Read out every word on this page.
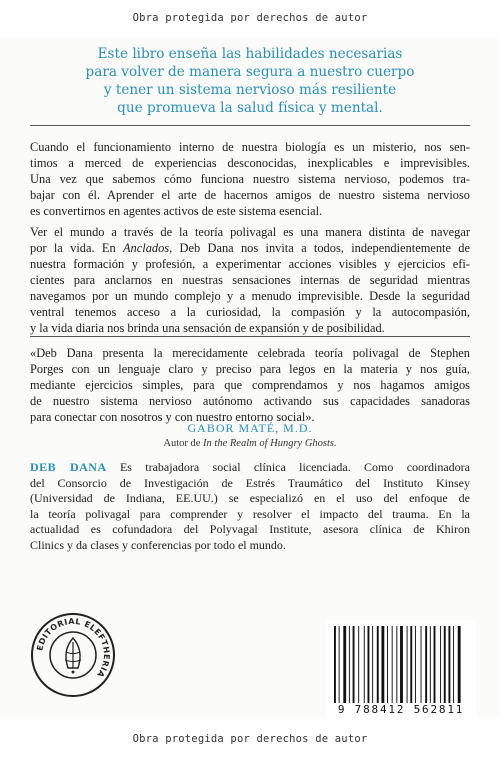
Obra protegida por derechos de autor
Este libro enseña las habilidades necesarias
para volver de manera segura a nuestro cuerpo
y tener un sistema nervioso más resiliente
que promueva la salud física y mental.
Cuando el funcionamiento interno de nuestra biología es un misterio, nos sen-
timos a merced de experiencias desconocidas, inexplicables e imprevisibles.
Una vez que sabemos cómo funciona nuestro sistema nervioso, podemos tra-
bajar con él. Aprender el arte de hacernos amigos de nuestro sistema nervioso
es convertirnos en agentes activos de este sistema esencial.
Ver el mundo a través de la teoría polivagal es una manera distinta de navegar
por la vida. En Anclados, Deb Dana nos invita a todos, independientemente de
nuestra formación y profesión, a experimentar acciones visibles y ejercicios efi-
cientes para anclarnos en nuestras sensaciones internas de seguridad mientras
navegamos por un mundo complejo y a menudo imprevisible. Desde la seguridad
ventral tenemos acceso a la curiosidad, la compasión y la autocompasión,
y la vida diaria nos brinda una sensación de expansión y de posibilidad.
«Deb Dana presenta la merecidamente celebrada teoría polivagal de Stephen
Porges con un lenguaje claro y preciso para legos en la materia y nos guía,
mediante ejercicios simples, para que comprendamos y nos hagamos amigos
de nuestro sistema nervioso autónomo activando sus capacidades sanadoras
para conectar con nosotros y con nuestro entorno social».
GABOR MATÉ, M.D.
Autor de In the Realm of Hungry Ghosts.
DEB DANA Es trabajadora social clínica licenciada. Como coordinadora
del Consorcio de Investigación de Estrés Traumático del Instituto Kinsey
(Universidad de Indiana, EE.UU.) se especializó en el uso del enfoque de
la teoría polivagal para comprender y resolver el impacto del trauma. En la
actualidad es cofundadora del Polyvagal Institute, asesora clínica de Khiron
Clinics y da clases y conferencias por todo el mundo.
EDITORIAL ELEFTHERIA
9 788412 562811
Obra protegida por derechos de autor
